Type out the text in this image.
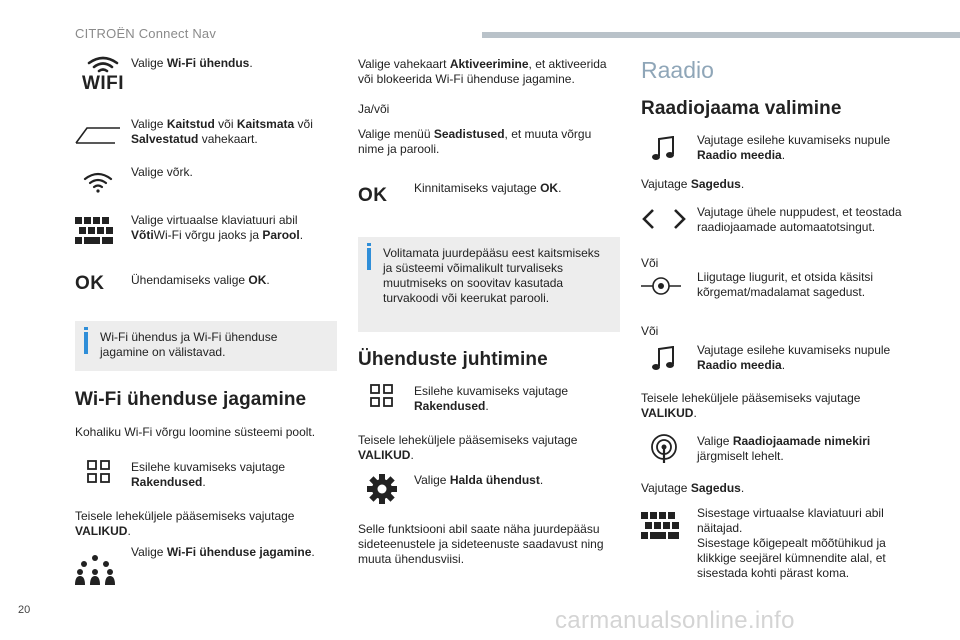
CITROËN Connect Nav
WIFI
Valige Wi-Fi ühendus.
Valige Kaitstud või Kaitsmata või Salvestatud vahekaart.
Valige võrk.
Valige virtuaalse klaviatuuri abil VõtiWi-Fi võrgu jaoks ja Parool.
OK Ühendamiseks valige OK.
Wi-Fi ühendus ja Wi-Fi ühenduse jagamine on välistavad.
Wi-Fi ühenduse jagamine

Kohaliku Wi-Fi võrgu loomine süsteemi poolt.

Esilehe kuvamiseks vajutage Rakendused.

Teisele leheküljele pääsemiseks vajutage VALIKUD.

Valige Wi-Fi ühenduse jagamine.

Valige vahekaart Aktiveerimine, et aktiveerida või blokeerida Wi-Fi ühenduse jagamine.

Ja/või

Valige menüü Seadistused, et muuta võrgu nime ja parooli.

OK Kinnitamiseks vajutage OK.
Volitamata juurdepääsu eest kaitsmiseks ja süsteemi võimalikult turvaliseks muutmiseks on soovitav kasutada turvakoodi või keerukat parooli.
Ühenduste juhtimine
Esilehe kuvamiseks vajutage Rakendused.

Teisele leheküljele pääsemiseks vajutage VALIKUD.

Valige Halda ühendust.

Selle funktsiooni abil saate näha juurdepääsu sideteenustele ja sideteenuste saadavust ning muuta ühendusviisi.

Raadio
Raadiojaama valimine
Vajutage esilehe kuvamiseks nupule Raadio meedia.

Vajutage Sagedus.

Vajutage ühele nuppudest, et teostada raadiojaamade automaatotsingut.

Või

Liigutage liugurit, et otsida käsitsi kõrgemat/madalamat sagedust.

Või

Vajutage esilehe kuvamiseks nupule Raadio meedia.

Teisele leheküljele pääsemiseks vajutage VALIKUD.

Valige Raadiojaamade nimekiri järgmiselt lehelt.

Vajutage Sagedus.

Sisestage virtuaalse klaviatuuri abil näitajad.
Sisestage kõigepealt mõõtühikud ja klikkige seejärel kümnendite alal, et sisestada kohti pärast koma.
20	carmanualsonline.info
